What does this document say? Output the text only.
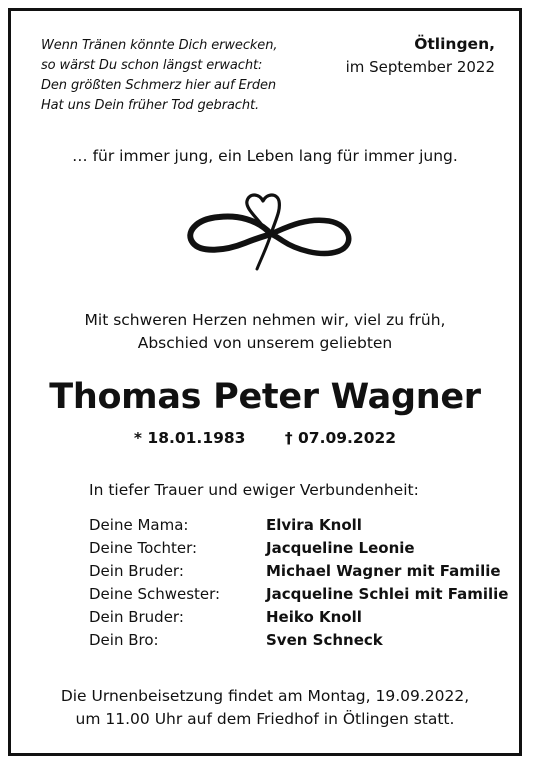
Wenn Tränen könnte Dich erwecken,
so wärst Du schon längst erwacht:
Den größten Schmerz hier auf Erden
Hat uns Dein früher Tod gebracht.
Ötlingen,
im September 2022
… für immer jung, ein Leben lang für immer jung.
Mit schweren Herzen nehmen wir, viel zu früh,
Abschied von unserem geliebten
Thomas Peter Wagner
* 18.01.1983	† 07.09.2022
In tiefer Trauer und ewiger Verbundenheit:
Deine Mama:	Elvira Knoll
Deine Tochter:	Jacqueline Leonie
Dein Bruder:	Michael Wagner mit Familie
Deine Schwester:	Jacqueline Schlei mit Familie
Dein Bruder:	Heiko Knoll
Dein Bro:	Sven Schneck
Die Urnenbeisetzung findet am Montag, 19.09.2022,
um 11.00 Uhr auf dem Friedhof in Ötlingen statt.
